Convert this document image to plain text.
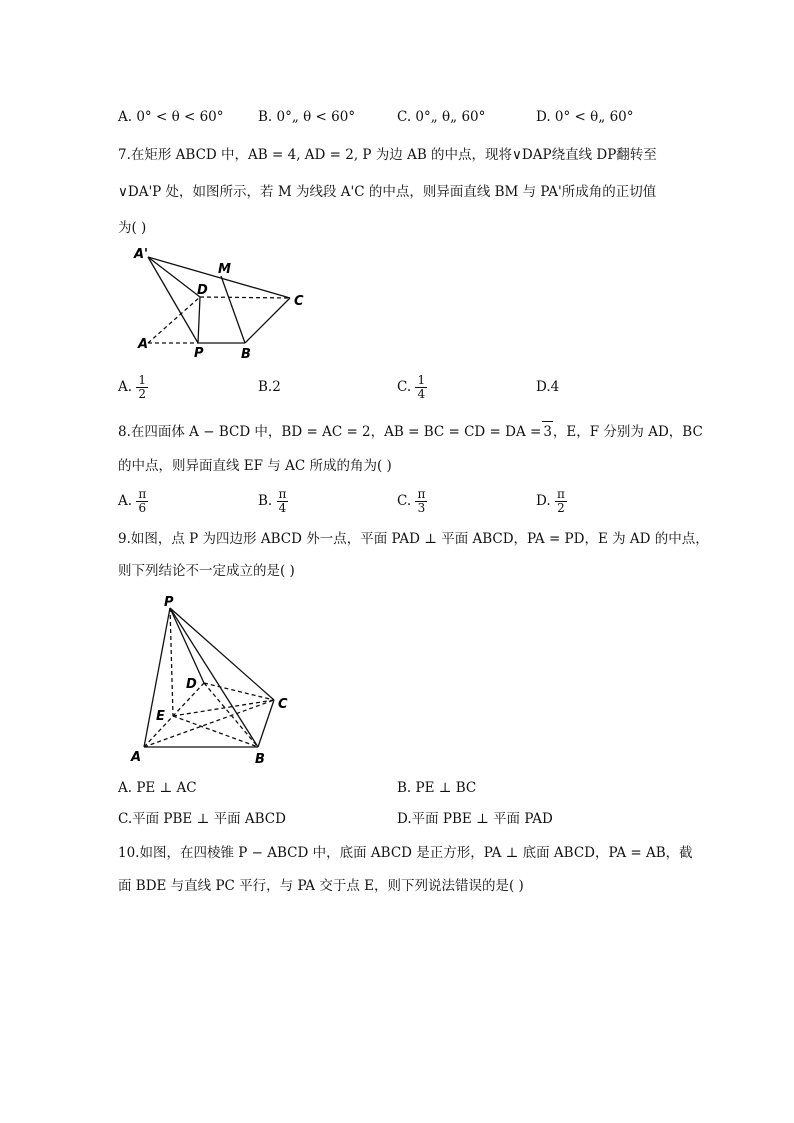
A. 0° < θ < 60°	B. 0°„ θ < 60°	C. 0°„ θ„ 60°	D. 0° < θ„ 60°
7.在矩形 ABCD 中，AB = 4, AD = 2, P 为边 AB 的中点，现将∨DAP绕直线 DP翻转至
∨DA'P 处，如图所示，若 M 为线段 A'C 的中点，则异面直线 BM 与 PA'所成角的正切值
为( )
A'
M
D
C
A
P	B
A. $\frac{1}{2}$	B.2	C. $\frac{1}{4}$	D.4
8.在四面体 A − BCD 中，BD = AC = 2，AB = BC = CD = DA = 3，E，F 分别为 AD，BC
的中点，则异面直线 EF 与 AC 所成的角为( )
A. $\frac{\pi}{6}$	B. $\frac{\pi}{4}$	C. $\frac{\pi}{3}$	D. $\frac{\pi}{2}$
9.如图，点 P 为四边形 ABCD 外一点，平面 PAD ⊥ 平面 ABCD，PA = PD，E 为 AD 的中点，
则下列结论不一定成立的是( )
P
D
C
E
A	B
A. PE ⊥ AC	B. PE ⊥ BC
C.平面 PBE ⊥ 平面 ABCD	D.平面 PBE ⊥ 平面 PAD
10.如图，在四棱锥 P − ABCD 中，底面 ABCD 是正方形，PA ⊥ 底面 ABCD，PA = AB，截
面 BDE 与直线 PC 平行，与 PA 交于点 E，则下列说法错误的是( )
